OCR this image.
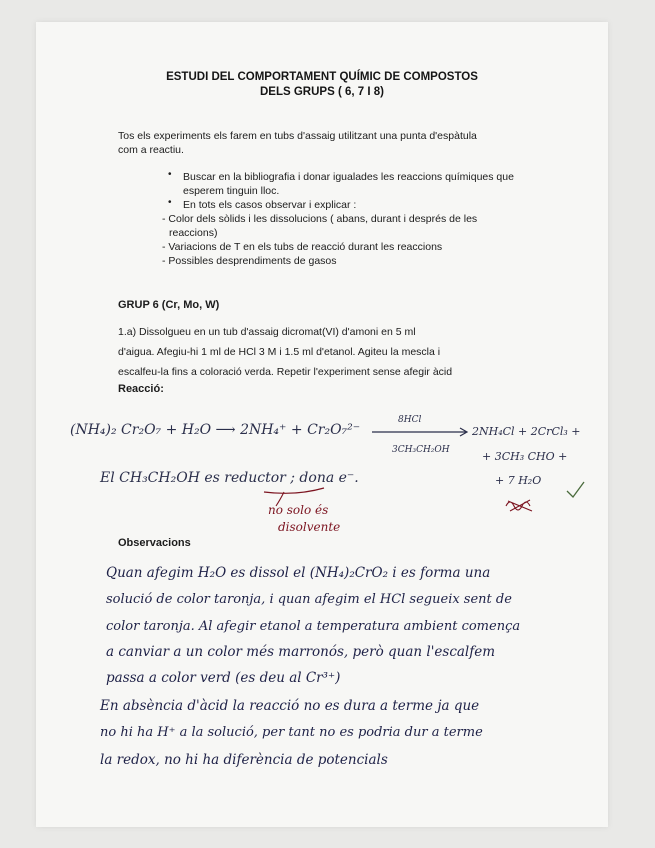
ESTUDI DEL COMPORTAMENT QUÍMIC DE COMPOSTOS

DELS GRUPS ( 6, 7 I 8)

Tos els experiments els farem en tubs d'assaig utilitzant una punta d'espàtula

com a reactiu.

• Buscar en la bibliografia i donar igualades les reaccions químiques que

esperem tinguin lloc.

• En tots els casos observar i explicar :

- Color dels sòlids i les dissolucions ( abans, durant i després de les

reaccions)

- Variacions de T en els tubs de reacció durant les reaccions

- Possibles desprendiments de gasos

GRUP 6 (Cr, Mo, W)

1.a) Dissolgueu en un tub d'assaig dicromat(VI) d'amoni en 5 ml

d'aigua. Afegiu-hi 1 ml de HCl 3 M i 1.5 ml d'etanol. Agiteu la mescla i

escalfeu-la fins a coloració verda. Repetir l'experiment sense afegir àcid

Reacció:

(NH₄)₂ Cr₂O₇ + H₂O ⟶ 2NH₄⁺ + Cr₂O₇²⁻

8HCl

3CH₃CH₂OH

2NH₄Cl + 2CrCl₃ +

+ 3CH₃ CHO +

+ 7 H₂O

El CH₃CH₂OH es reductor ; dona e⁻.

no solo és

disolvente

Observacions

Quan afegim H₂O es dissol el (NH₄)₂CrO₂ i es forma una

solució de color taronja, i quan afegim el HCl segueix sent de

color taronja. Al afegir etanol a temperatura ambient comença

a canviar a un color més marronós, però quan l'escalfem

passa a color verd (es deu al Cr³⁺)

En absència d'àcid la reacció no es dura a terme ja que

no hi ha H⁺ a la solució, per tant no es podria dur a terme

la redox, no hi ha diferència de potencials
